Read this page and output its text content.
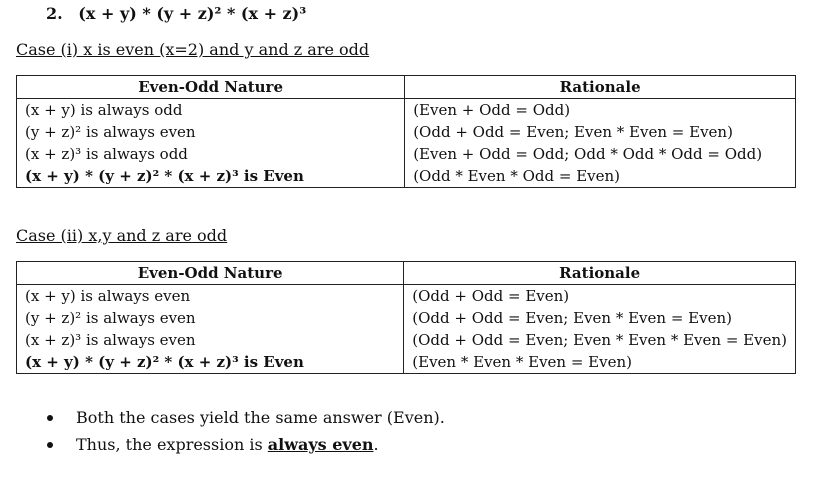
2. (x + y) * (y + z)² * (x + z)³
Case (i) x is even (x=2) and y and z are odd
Even-Odd Nature	Rationale
(x + y) is always odd	(Even + Odd = Odd)
(y + z)² is always even	(Odd + Odd = Even; Even * Even = Even)
(x + z)³ is always odd	(Even + Odd = Odd; Odd * Odd * Odd = Odd)
(x + y) * (y + z)² * (x + z)³ is Even	(Odd * Even * Odd = Even)
Case (ii) x,y and z are odd
Even-Odd Nature	Rationale
(x + y) is always even	(Odd + Odd = Even)
(y + z)² is always even	(Odd + Odd = Even; Even * Even = Even)
(x + z)³ is always even	(Odd + Odd = Even; Even * Even * Even = Even)
(x + y) * (y + z)² * (x + z)³ is Even	(Even * Even * Even = Even)
Both the cases yield the same answer (Even).
Thus, the expression is always even.
